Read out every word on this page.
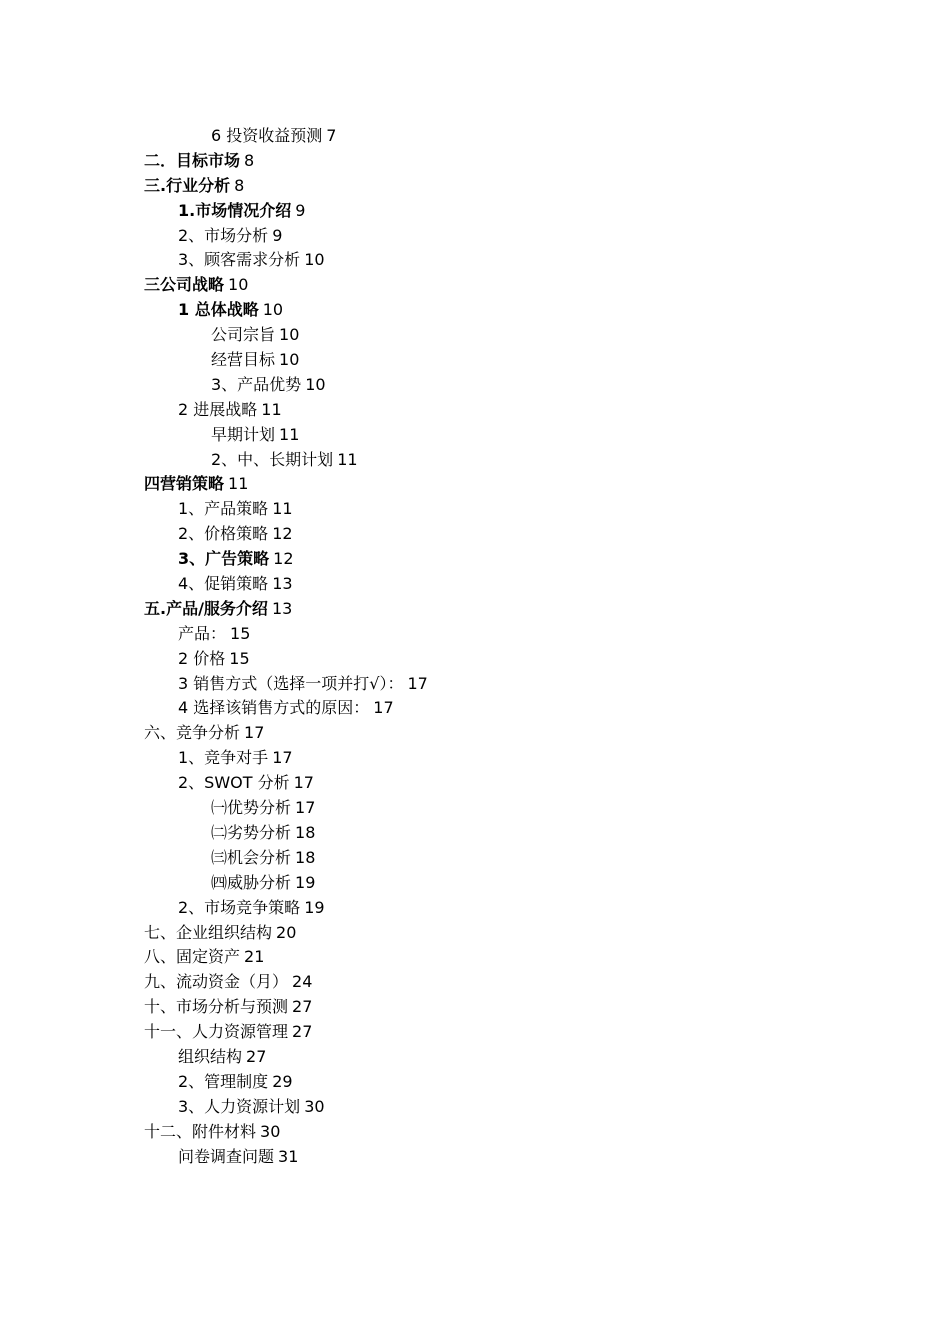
6 投资收益预测 7
二．目标市场 8
三.行业分析 8
1.市场情况介绍 9
2、市场分析 9
3、顾客需求分析 10
三公司战略 10
1 总体战略 10
公司宗旨 10
经营目标 10
3、产品优势 10
2 进展战略 11
早期计划 11
2、中、长期计划 11
四营销策略 11
1、产品策略 11
2、价格策略 12
3、广告策略 12
4、促销策略 13
五.产品/服务介绍 13
产品： 15
2 价格 15
3 销售方式（选择一项并打√）： 17
4 选择该销售方式的原因： 17
六、竞争分析 17
1、竞争对手 17
2、SWOT 分析 17
㈠优势分析 17
㈡劣势分析 18
㈢机会分析 18
㈣威胁分析 19
2、市场竞争策略 19
七、企业组织结构 20
八、固定资产 21
九、流动资金（月） 24
十、市场分析与预测 27
十一、人力资源管理 27
组织结构 27
2、管理制度 29
3、人力资源计划 30
十二、附件材料 30
问卷调查问题 31
